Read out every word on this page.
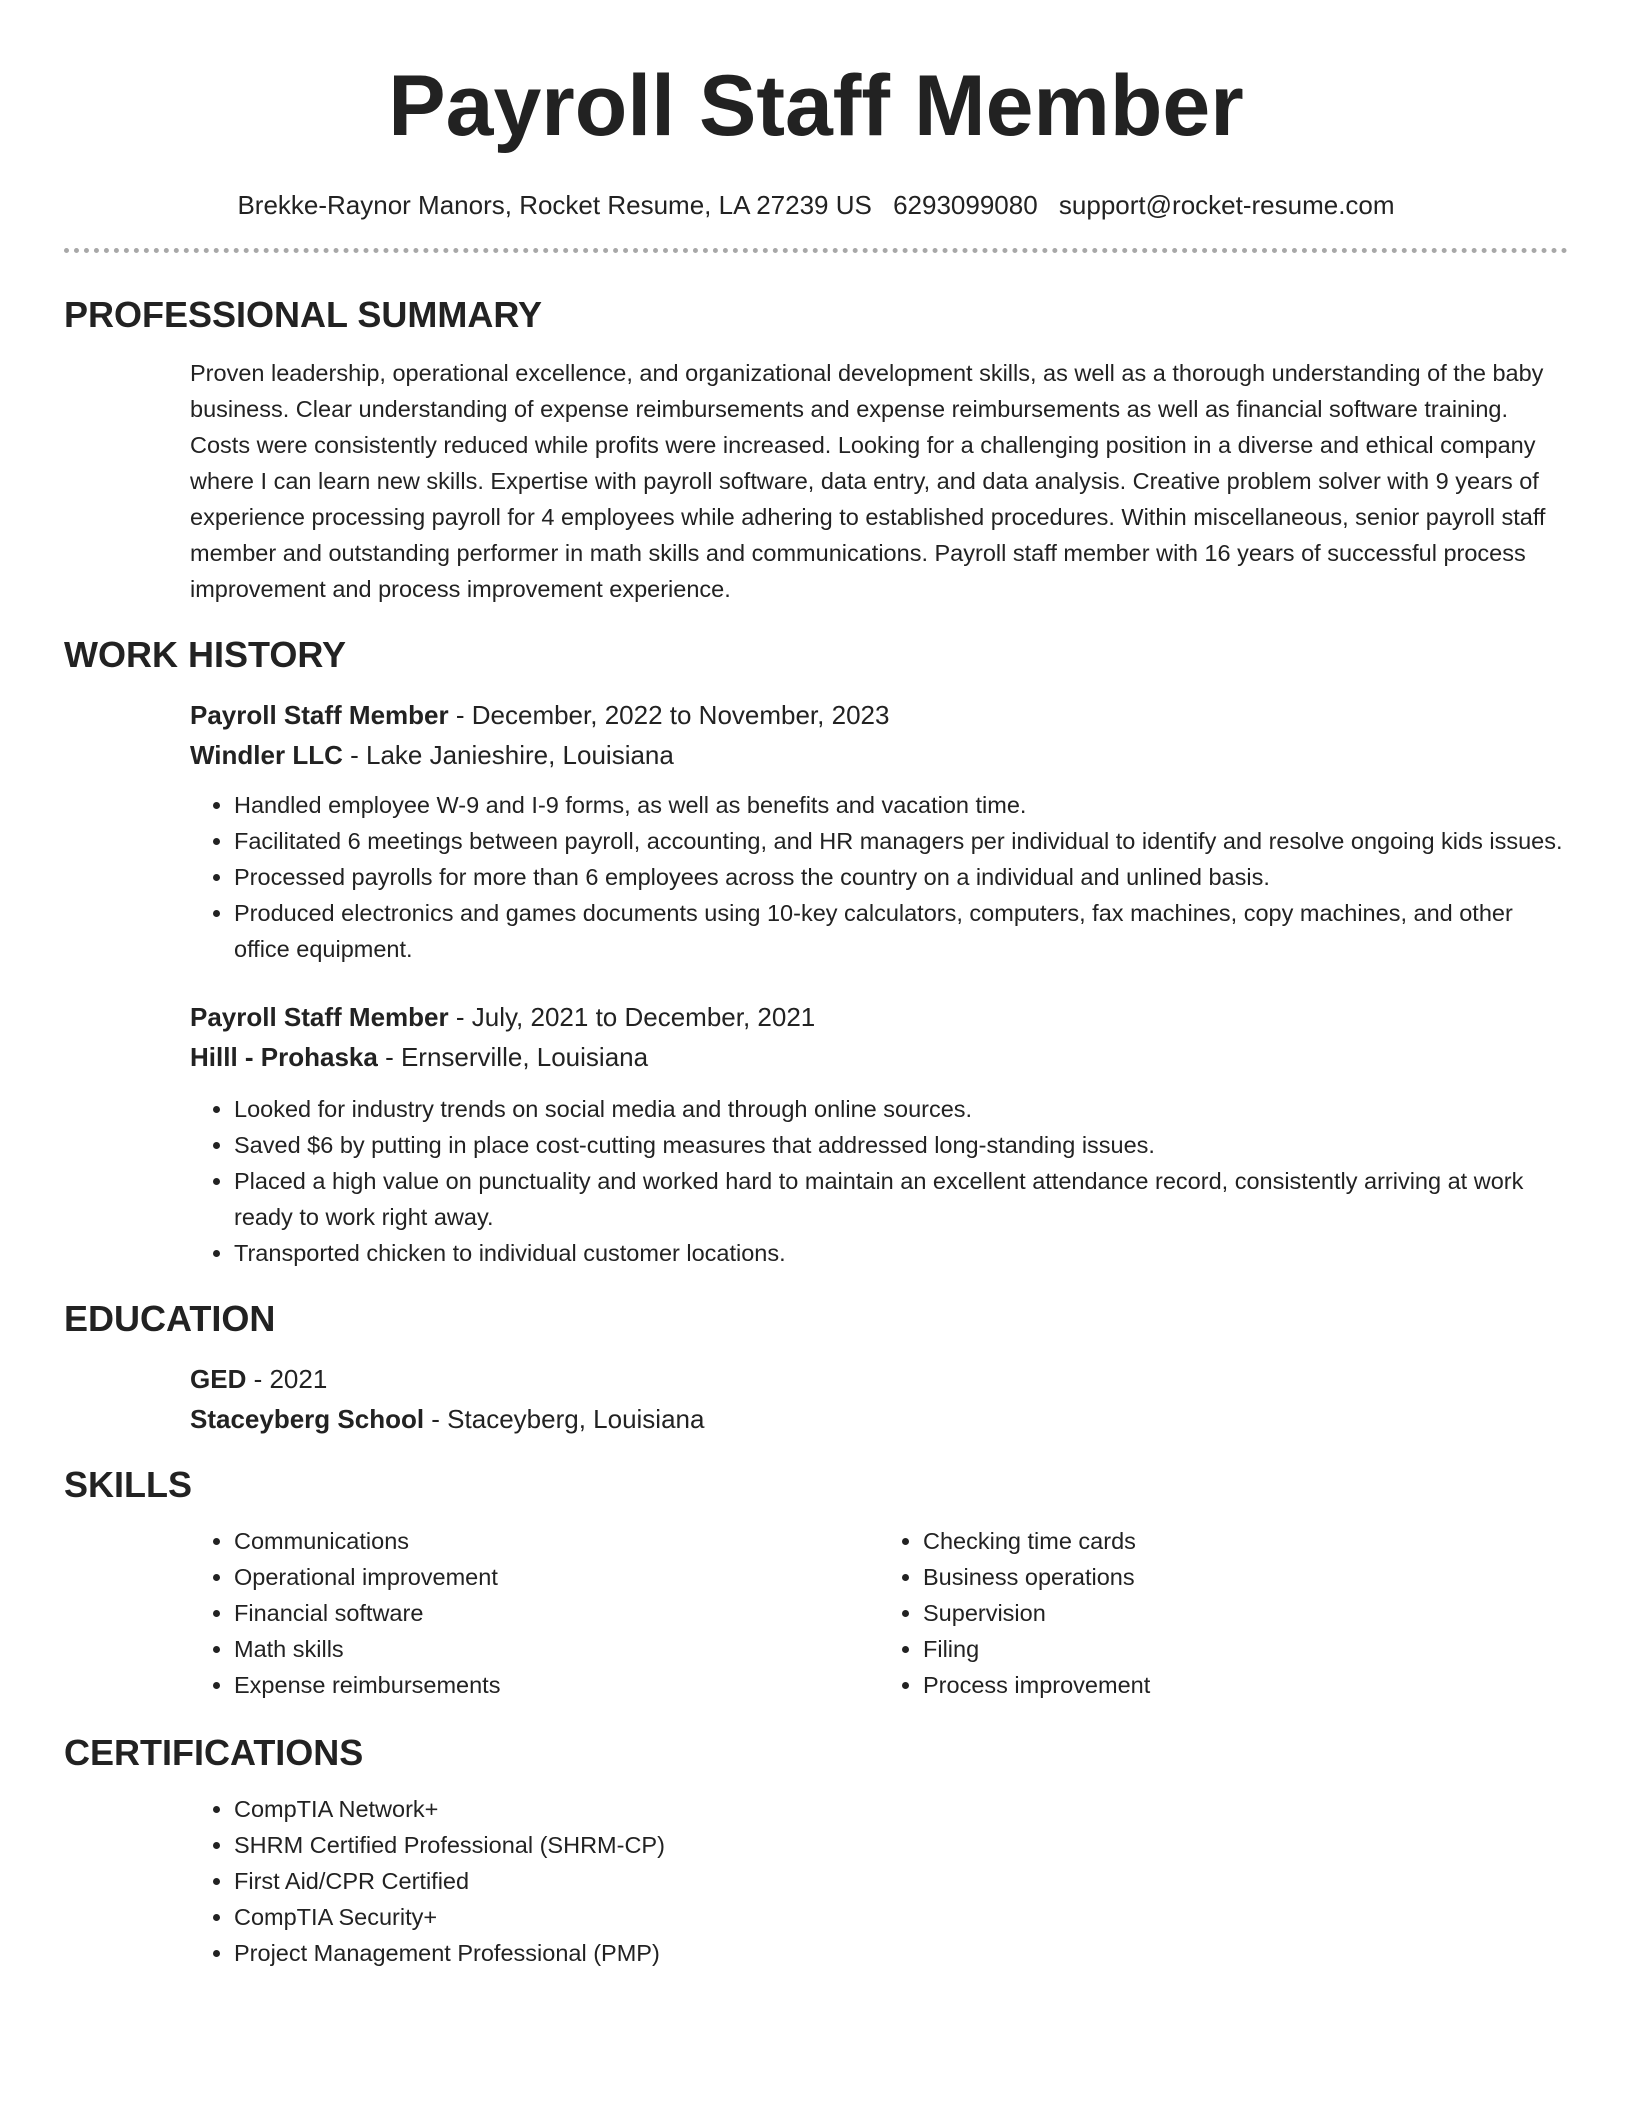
Payroll Staff Member
Brekke-Raynor Manors, Rocket Resume, LA 27239 US 6293099080 support@rocket-resume.com
PROFESSIONAL SUMMARY

Proven leadership, operational excellence, and organizational development skills, as well as a thorough understanding of the baby business. Clear understanding of expense reimbursements and expense reimbursements as well as financial software training. Costs were consistently reduced while profits were increased. Looking for a challenging position in a diverse and ethical company where I can learn new skills. Expertise with payroll software, data entry, and data analysis. Creative problem solver with 9 years of experience processing payroll for 4 employees while adhering to established procedures. Within miscellaneous, senior payroll staff member and outstanding performer in math skills and communications. Payroll staff member with 16 years of successful process improvement and process improvement experience.

WORK HISTORY
Payroll Staff Member - December, 2022 to November, 2023
Windler LLC - Lake Janieshire, Louisiana
• Handled employee W-9 and I-9 forms, as well as benefits and vacation time.
• Facilitated 6 meetings between payroll, accounting, and HR managers per individual to identify and resolve ongoing kids issues.
• Processed payrolls for more than 6 employees across the country on a individual and unlined basis.
• Produced electronics and games documents using 10-key calculators, computers, fax machines, copy machines, and other office equipment.
Payroll Staff Member - July, 2021 to December, 2021
Hilll - Prohaska - Ernserville, Louisiana
• Looked for industry trends on social media and through online sources.
• Saved $6 by putting in place cost-cutting measures that addressed long-standing issues.
• Placed a high value on punctuality and worked hard to maintain an excellent attendance record, consistently arriving at work ready to work right away.
• Transported chicken to individual customer locations.
EDUCATION
GED - 2021
Staceyberg School - Staceyberg, Louisiana
SKILLS
• Communications
• Operational improvement
• Financial software
• Math skills
• Expense reimbursements
• Checking time cards
• Business operations
• Supervision
• Filing
• Process improvement
CERTIFICATIONS
• CompTIA Network+
• SHRM Certified Professional (SHRM-CP)
• First Aid/CPR Certified
• CompTIA Security+
• Project Management Professional (PMP)
